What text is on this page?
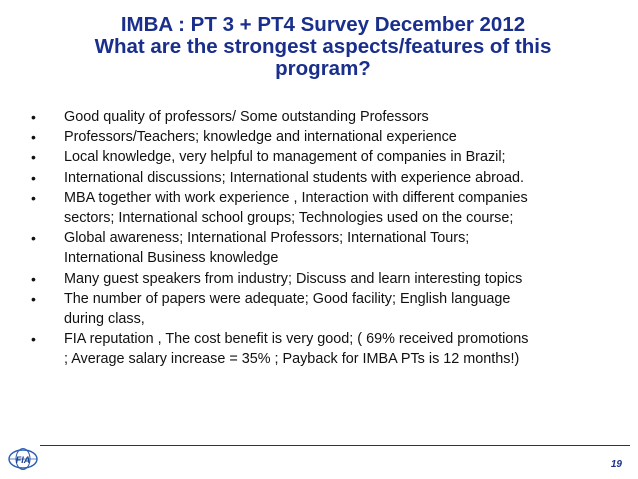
IMBA : PT 3 + PT4 Survey December 2012
What are the strongest aspects/features of this
program?
• Good quality of professors/ Some outstanding Professors
• Professors/Teachers; knowledge and international experience
• Local knowledge, very helpful to management of companies in Brazil;
• International discussions; International students with experience abroad.
• MBA together with work experience , Interaction with different companies
sectors; International school groups; Technologies used on the course;
• Global awareness; International Professors; International Tours;
International Business knowledge
• Many guest speakers from industry; Discuss and learn interesting topics
• The number of papers were adequate; Good facility; English language
during class,
• FIA reputation , The cost benefit is very good; ( 69% received promotions
; Average salary increase = 35% ; Payback for IMBA PTs is 12 months!)
FIA	19
